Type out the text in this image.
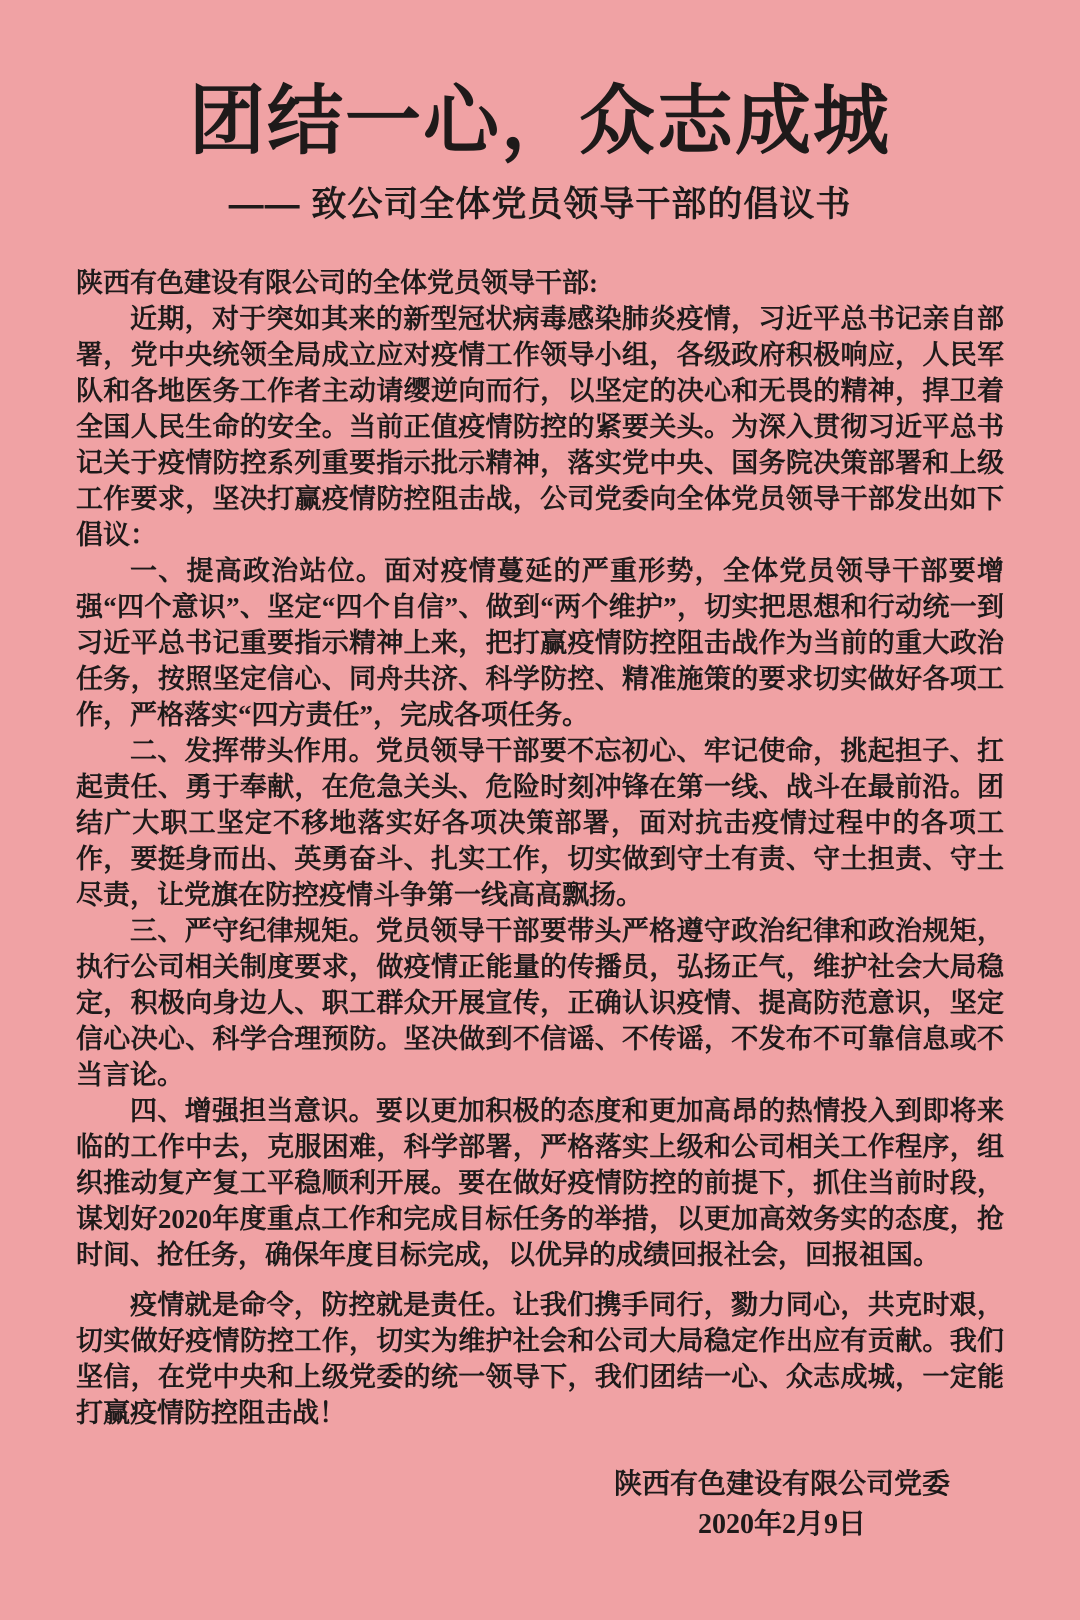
团结一心，众志成城
—— 致公司全体党员领导干部的倡议书

陕西有色建设有限公司的全体党员领导干部:

近期，对于突如其来的新型冠状病毒感染肺炎疫情，习近平总书记亲自部署，党中央统领全局成立应对疫情工作领导小组，各级政府积极响应，人民军队和各地医务工作者主动请缨逆向而行，以坚定的决心和无畏的精神，捍卫着全国人民生命的安全。当前正值疫情防控的紧要关头。为深入贯彻习近平总书记关于疫情防控系列重要指示批示精神，落实党中央、国务院决策部署和上级工作要求，坚决打赢疫情防控阻击战，公司党委向全体党员领导干部发出如下倡议：

一、提高政治站位。面对疫情蔓延的严重形势，全体党员领导干部要增强“四个意识”、坚定“四个自信”、做到“两个维护”，切实把思想和行动统一到习近平总书记重要指示精神上来，把打赢疫情防控阻击战作为当前的重大政治任务，按照坚定信心、同舟共济、科学防控、精准施策的要求切实做好各项工作，严格落实“四方责任”，完成各项任务。

二、发挥带头作用。党员领导干部要不忘初心、牢记使命，挑起担子、扛起责任、勇于奉献，在危急关头、危险时刻冲锋在第一线、战斗在最前沿。团结广大职工坚定不移地落实好各项决策部署，面对抗击疫情过程中的各项工作，要挺身而出、英勇奋斗、扎实工作，切实做到守土有责、守土担责、守土尽责，让党旗在防控疫情斗争第一线高高飘扬。

三、严守纪律规矩。党员领导干部要带头严格遵守政治纪律和政治规矩，执行公司相关制度要求，做疫情正能量的传播员，弘扬正气，维护社会大局稳定，积极向身边人、职工群众开展宣传，正确认识疫情、提高防范意识，坚定信心决心、科学合理预防。坚决做到不信谣、不传谣，不发布不可靠信息或不当言论。

四、增强担当意识。要以更加积极的态度和更加高昂的热情投入到即将来临的工作中去，克服困难，科学部署，严格落实上级和公司相关工作程序，组织推动复产复工平稳顺利开展。要在做好疫情防控的前提下，抓住当前时段，谋划好2020年度重点工作和完成目标任务的举措，以更加高效务实的态度，抢时间、抢任务，确保年度目标完成，以优异的成绩回报社会，回报祖国。

疫情就是命令，防控就是责任。让我们携手同行，勠力同心，共克时艰，切实做好疫情防控工作，切实为维护社会和公司大局稳定作出应有贡献。我们坚信，在党中央和上级党委的统一领导下，我们团结一心、众志成城，一定能打赢疫情防控阻击战！

陕西有色建设有限公司党委
2020年2月9日
